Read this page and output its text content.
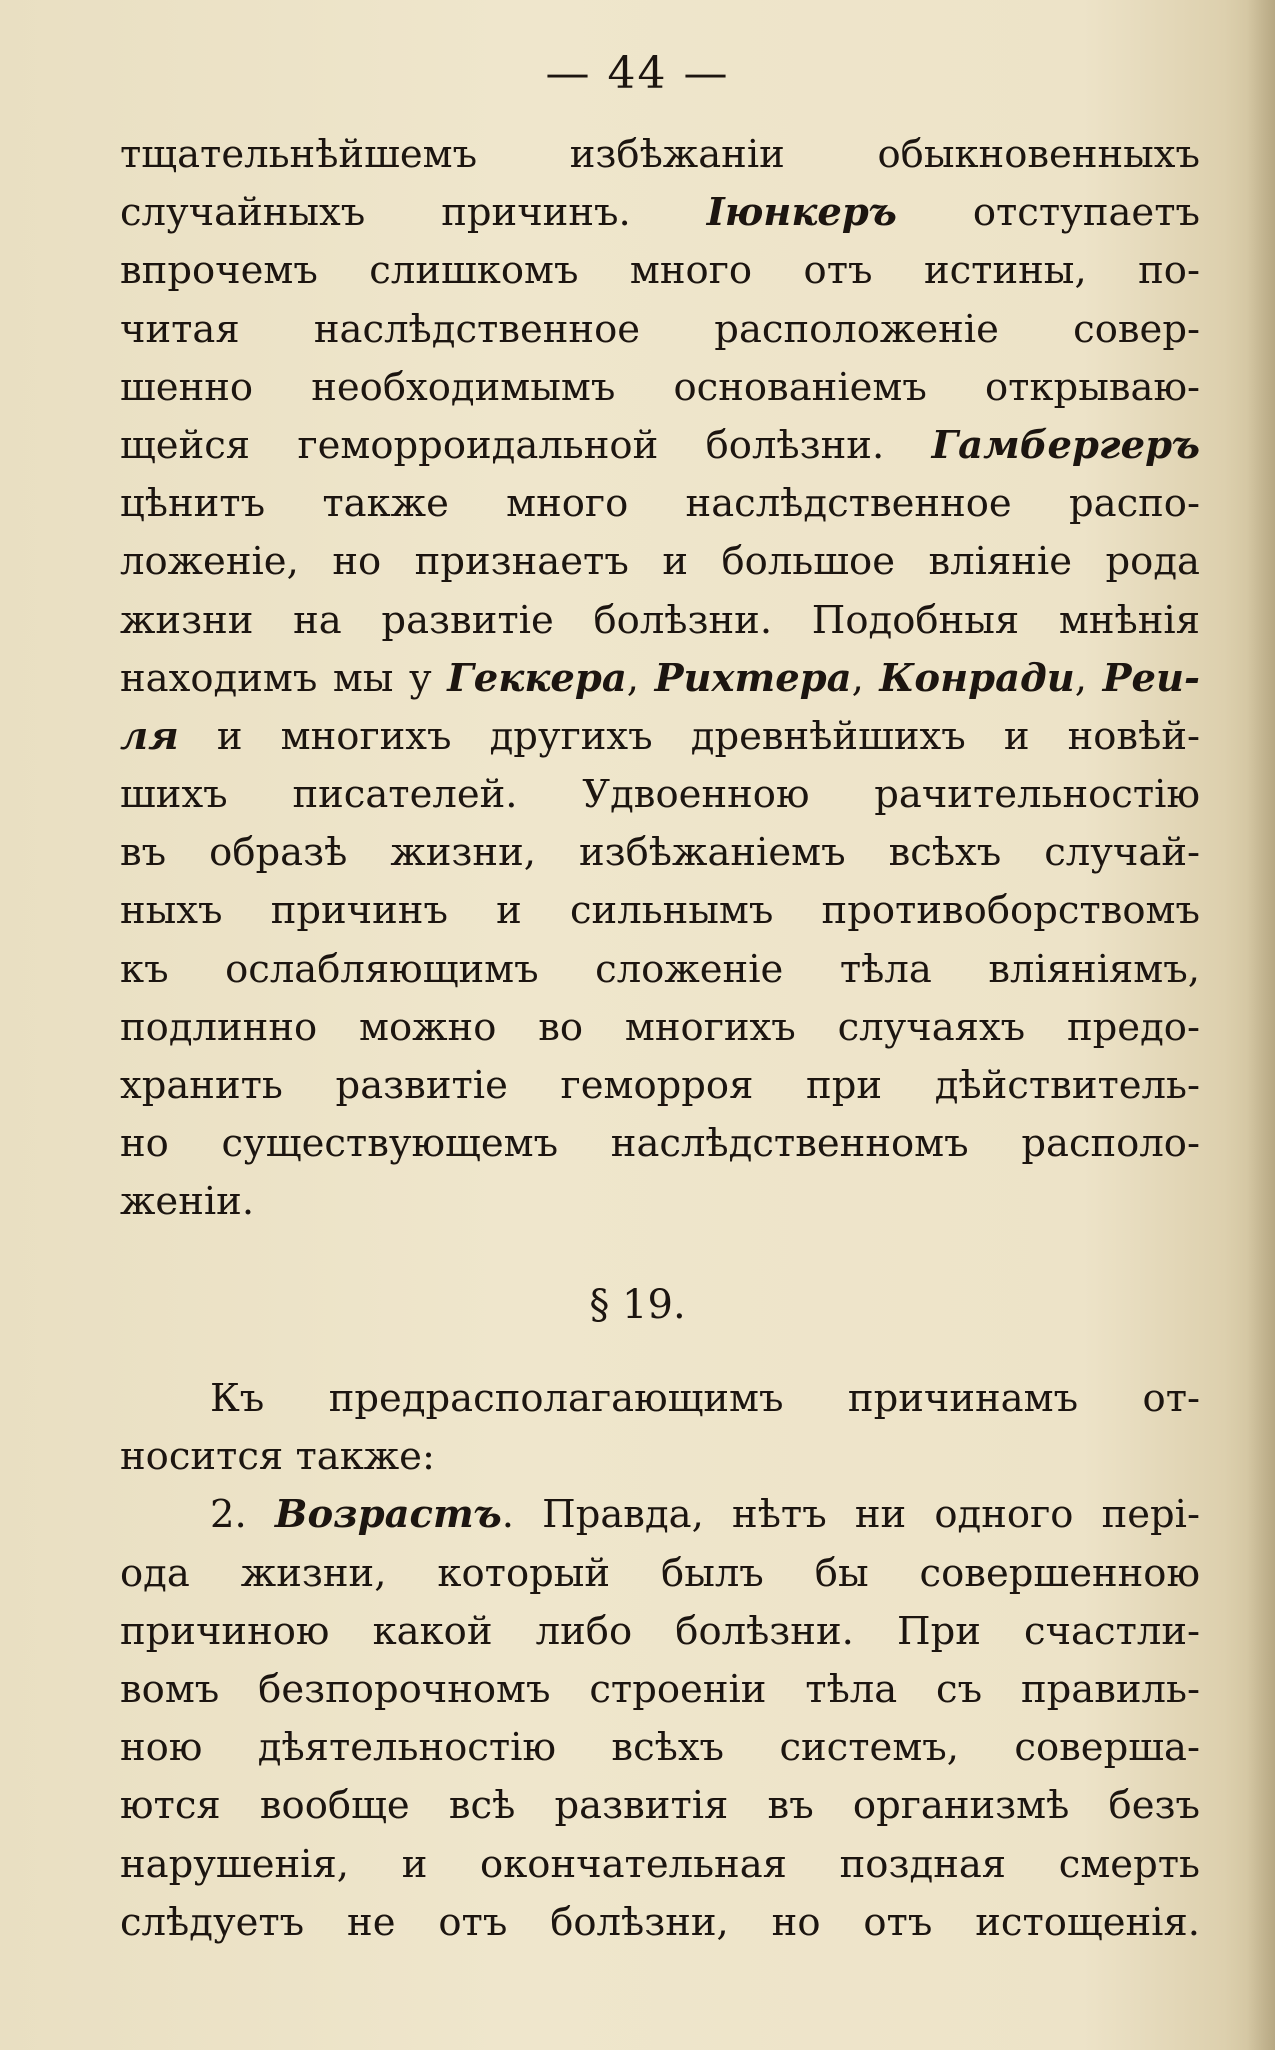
— 44 —
тщательнѣйшемъ избѣжаніи обыкновенныхъ
случайныхъ причинъ. Іюнкеръ отступаетъ
впрочемъ слишкомъ много отъ истины, по-
читая наслѣдственное расположеніе совер-
шенно необходимымъ основаніемъ открываю-
щейся геморроидальной болѣзни. Гамбергеръ
цѣнитъ также много наслѣдственное распо-
ложеніе, но признаетъ и большое вліяніе рода
жизни на развитіе болѣзни. Подобныя мнѣнія
находимъ мы у Геккера, Рихтера, Конради, Реи-
ля и многихъ другихъ древнѣйшихъ и новѣй-
шихъ писателей. Удвоенною рачительностію
въ образѣ жизни, избѣжаніемъ всѣхъ случай-
ныхъ причинъ и сильнымъ противоборствомъ
къ ослабляющимъ сложеніе тѣла вліяніямъ,
подлинно можно во многихъ случаяхъ предо-
хранить развитіе геморроя при дѣйствитель-
но существующемъ наслѣдственномъ располо-
женіи.
§ 19.
Къ предрасполагающимъ причинамъ от-
носится также:
2. Возрастъ. Правда, нѣтъ ни одного пері-
ода жизни, который былъ бы совершенною
причиною какой либо болѣзни. При счастли-
вомъ безпорочномъ строеніи тѣла съ правиль-
ною дѣятельностію всѣхъ системъ, соверша-
ются вообще всѣ развитія въ организмѣ безъ
нарушенія, и окончательная поздная смерть
слѣдуетъ не отъ болѣзни, но отъ истощенія.
